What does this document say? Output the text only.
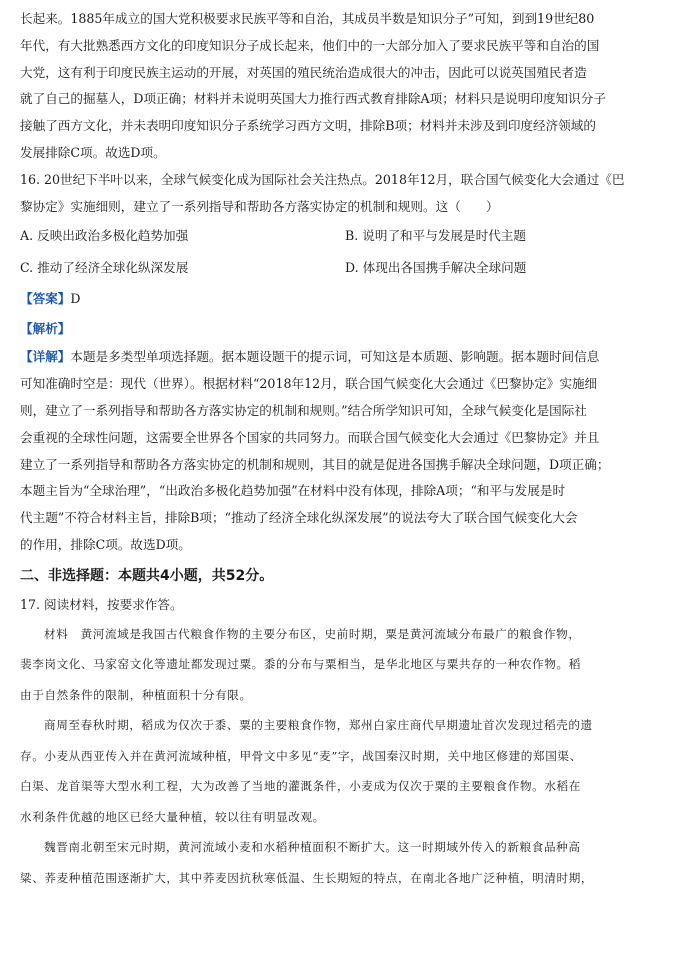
长起来。1885年成立的国大党积极要求民族平等和自治，其成员半数是知识分子”可知，到到19世纪80

年代，有大批熟悉西方文化的印度知识分子成长起来，他们中的一大部分加入了要求民族平等和自治的国

大党，这有利于印度民族主运动的开展，对英国的殖民统治造成很大的冲击，因此可以说英国殖民者造

就了自己的掘墓人，D项正确；材料并未说明英国大力推行西式教育排除A项；材料只是说明印度知识分子

接触了西方文化，并未表明印度知识分子系统学习西方文明，排除B项；材料并未涉及到印度经济领域的

发展排除C项。故选D项。

16. 20世纪下半叶以来，全球气候变化成为国际社会关注热点。2018年12月，联合国气候变化大会通过《巴

黎协定》实施细则，建立了一系列指导和帮助各方落实协定的机制和规则。这（　　）

A. 反映出政治多极化趋势加强	B. 说明了和平与发展是时代主题
C. 推动了经济全球化纵深发展	D. 体现出各国携手解决全球问题

【答案】D

【解析】

【详解】本题是多类型单项选择题。据本题设题干的提示词，可知这是本质题、影响题。据本题时间信息

可知准确时空是：现代（世界）。根据材料“2018年12月，联合国气候变化大会通过《巴黎协定》实施细

则，建立了一系列指导和帮助各方落实协定的机制和规则。”结合所学知识可知，全球气候变化是国际社

会重视的全球性问题，这需要全世界各个国家的共同努力。而联合国气候变化大会通过《巴黎协定》并且

建立了一系列指导和帮助各方落实协定的机制和规则，其目的就是促进各国携手解决全球问题，D项正确；

本题主旨为“全球治理”，“出政治多极化趋势加强”在材料中没有体现，排除A项；“和平与发展是时

代主题”不符合材料主旨，排除B项；“推动了经济全球化纵深发展”的说法夸大了联合国气候变化大会

的作用，排除C项。故选D项。

二、非选择题：本题共4小题，共52分。

17. 阅读材料，按要求作答。

材料　黄河流域是我国古代粮食作物的主要分布区，史前时期，粟是黄河流域分布最广的粮食作物，

裴李岗文化、马家窑文化等遗址都发现过粟。黍的分布与粟相当，是华北地区与粟共存的一种农作物。稻

由于自然条件的限制，种植面积十分有限。

商周至春秋时期，稻成为仅次于黍、粟的主要粮食作物，郑州白家庄商代早期遗址首次发现过稻壳的遗

存。小麦从西亚传入并在黄河流域种植，甲骨文中多见“麦”字，战国秦汉时期，关中地区修建的郑国渠、

白渠、龙首渠等大型水利工程，大为改善了当地的灌溉条件，小麦成为仅次于粟的主要粮食作物。水稻在

水利条件优越的地区已经大量种植，较以往有明显改观。

魏晋南北朝至宋元时期，黄河流域小麦和水稻种植面积不断扩大。这一时期域外传入的新粮食品种高

粱、荞麦种植范围逐渐扩大，其中荞麦因抗秋寒低温、生长期短的特点，在南北各地广泛种植，明清时期，
